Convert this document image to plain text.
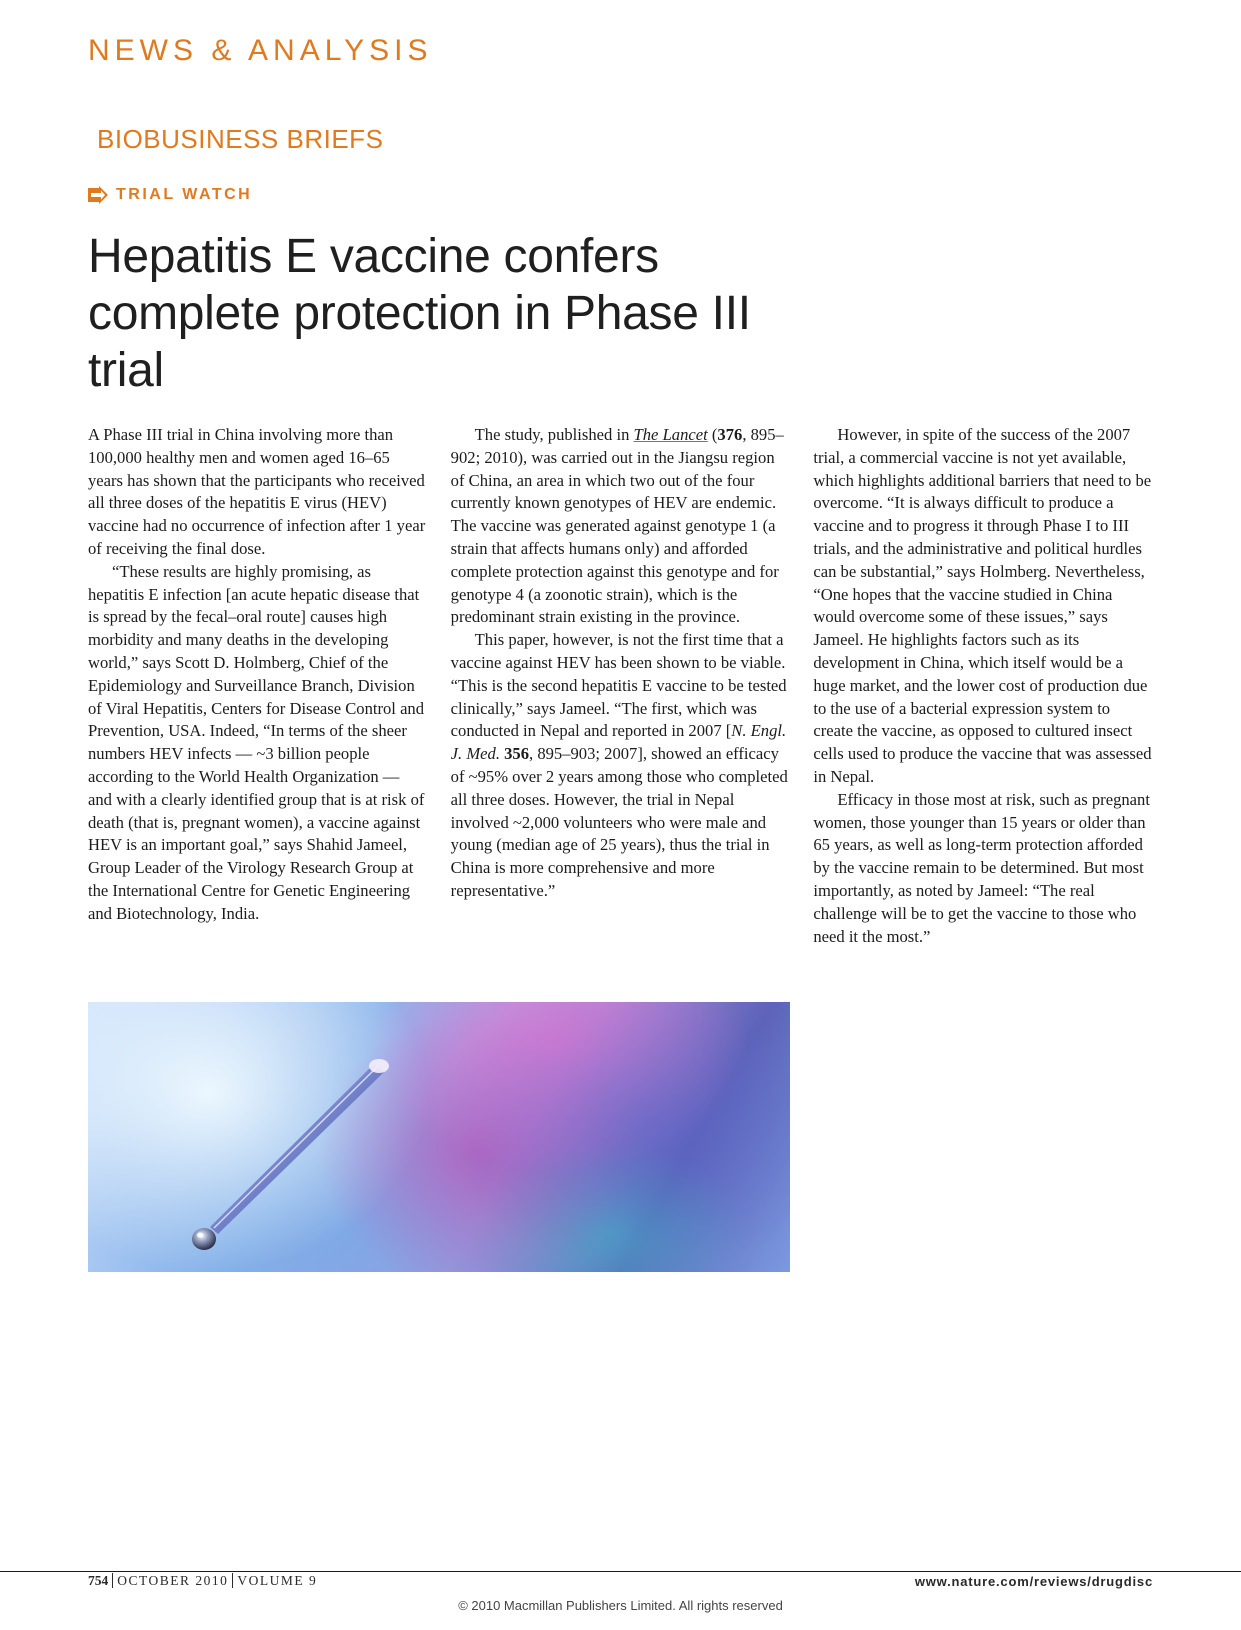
NEWS & ANALYSIS
BIOBUSINESS BRIEFS
TRIAL WATCH
Hepatitis E vaccine confers complete protection in Phase III trial

A Phase III trial in China involving more than 100,000 healthy men and women aged 16–65 years has shown that the participants who received all three doses of the hepatitis E virus (HEV) vaccine had no occurrence of infection after 1 year of receiving the final dose.

“These results are highly promising, as hepatitis E infection [an acute hepatic disease that is spread by the fecal–oral route] causes high morbidity and many deaths in the developing world,” says Scott D. Holmberg, Chief of the Epidemiology and Surveillance Branch, Division of Viral Hepatitis, Centers for Disease Control and Prevention, USA. Indeed, “In terms of the sheer numbers HEV infects — ~3 billion people according to the World Health Organization — and with a clearly identified group that is at risk of death (that is, pregnant women), a vaccine against HEV is an important goal,” says Shahid Jameel, Group Leader of the Virology Research Group at the International Centre for Genetic Engineering and Biotechnology, India.

The study, published in The Lancet (376, 895–902; 2010), was carried out in the Jiangsu region of China, an area in which two out of the four currently known genotypes of HEV are endemic. The vaccine was generated against genotype 1 (a strain that affects humans only) and afforded complete protection against this genotype and for genotype 4 (a zoonotic strain), which is the predominant strain existing in the province.

This paper, however, is not the first time that a vaccine against HEV has been shown to be viable. “This is the second hepatitis E vaccine to be tested clinically,” says Jameel. “The first, which was conducted in Nepal and reported in 2007 [N. Engl. J. Med. 356, 895–903; 2007], showed an efficacy of ~95% over 2 years among those who completed all three doses. However, the trial in Nepal involved ~2,000 volunteers who were male and young (median age of 25 years), thus the trial in China is more comprehensive and more representative.”

However, in spite of the success of the 2007 trial, a commercial vaccine is not yet available, which highlights additional barriers that need to be overcome. “It is always difficult to produce a vaccine and to progress it through Phase I to III trials, and the administrative and political hurdles can be substantial,” says Holmberg. Nevertheless, “One hopes that the vaccine studied in China would overcome some of these issues,” says Jameel. He highlights factors such as its development in China, which itself would be a huge market, and the lower cost of production due to the use of a bacterial expression system to create the vaccine, as opposed to cultured insect cells used to produce the vaccine that was assessed in Nepal.

Efficacy in those most at risk, such as pregnant women, those younger than 15 years or older than 65 years, as well as long-term protection afforded by the vaccine remain to be determined. But most importantly, as noted by Jameel: “The real challenge will be to get the vaccine to those who need it the most.”

754 OCTOBER 2010 VOLUME 9	www.nature.com/reviews/drugdisc
© 2010 Macmillan Publishers Limited. All rights reserved
